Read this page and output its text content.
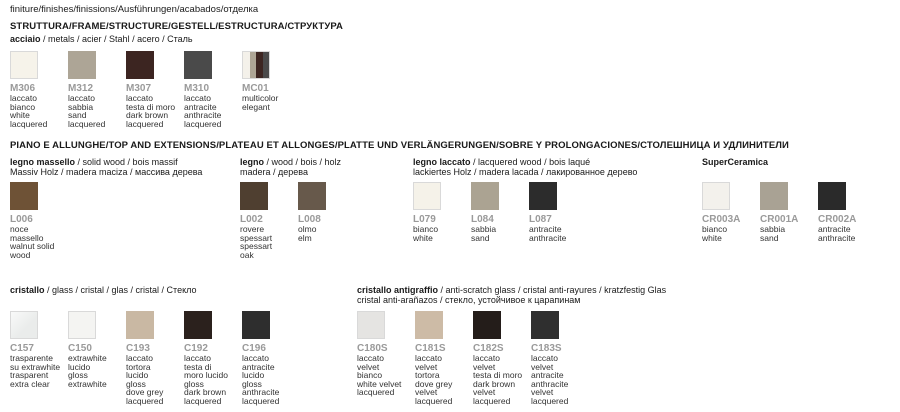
finiture/finishes/finissions/Ausführungen/acabados/отделка
STRUTTURA/FRAME/STRUCTURE/GESTELL/ESTRUCTURA/СТРУКТУРА
acciaio / metals / acier / Stahl / acero / Сталь
M306
laccato
bianco
white
lacquered
M312
laccato
sabbia
sand
lacquered
M307
laccato
testa di moro
dark brown
lacquered
M310
laccato
antracite
anthracite
lacquered
MC01
multicolor
elegant
PIANO E ALLUNGHE/TOP AND EXTENSIONS/PLATEAU ET ALLONGES/PLATTE UND VERLÄNGERUNGEN/SOBRE Y PROLONGACIONES/СТОЛЕШНИЦА И УДЛИНИТЕЛИ
legno massello / solid wood / bois massif
Massiv Holz / madera maciza / массива дерева
L006
noce
massello
walnut solid
wood
legno / wood / bois / holz
madera / дерева
L002
rovere
spessart
spessart
oak
L008
olmo
elm
legno laccato / lacquered wood / bois laqué
lackiertes Holz / madera lacada / лакированное дерево
L079
bianco
white
L084
sabbia
sand
L087
antracite
anthracite
SuperCeramica
CR003A
bianco
white
CR001A
sabbia
sand
CR002A
antracite
anthracite
cristallo / glass / cristal / glas / cristal / Стекло
C157
trasparente
su extrawhite
trasparent
extra clear
C150
extrawhite
lucido
gloss
extrawhite
C193
laccato
tortora
lucido
gloss
dove grey
lacquered
C192
laccato
testa di
moro lucido
gloss
dark brown
lacquered
C196
laccato
antracite
lucido
gloss
anthracite
lacquered
cristallo antigraffio / anti-scratch glass / cristal anti-rayures / kratzfestig Glas
cristal anti-arañazos / стекло, устойчивое к царапинам
C180S
laccato
velvet
bianco
white velvet
lacquered
C181S
laccato
velvet
tortora
dove grey
velvet
lacquered
C182S
laccato
velvet
testa di moro
dark brown
velvet
lacquered
C183S
laccato
velvet
antracite
anthracite
velvet
lacquered
